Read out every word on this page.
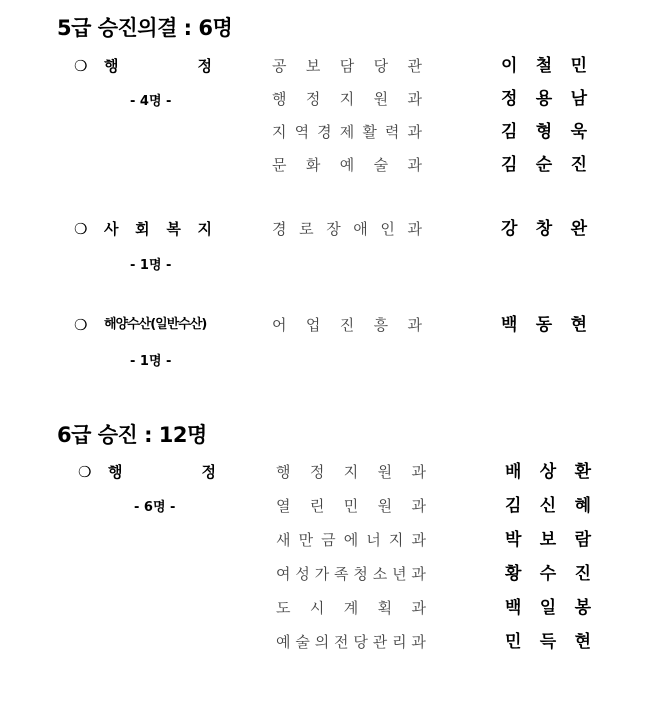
5급 승진의결 : 6명
❍ 행	정
- 4명 -
공 보 담 당 관	이 철 민
행 정 지 원 과	정 용 남
지 역 경 제 활 력 과	김 형 욱
문 화 예 술 과	김 순 진
❍ 사 회 복 지
- 1명 -
경 로 장 애 인 과	강 창 완
❍ 해양수산(일반수산)
- 1명 -
어 업 진 흥 과	백 동 현
6급 승진 : 12명
❍ 행	정
- 6명 -
행 정 지 원 과	배 상 환
열 린 민 원 과	김 신 혜
새 만 금 에 너 지 과	박 보 람
여 성 가 족 청 소 년 과	황 수 진
도 시 계 획 과	백 일 봉
예 술 의 전 당 관 리 과	민 득 현
